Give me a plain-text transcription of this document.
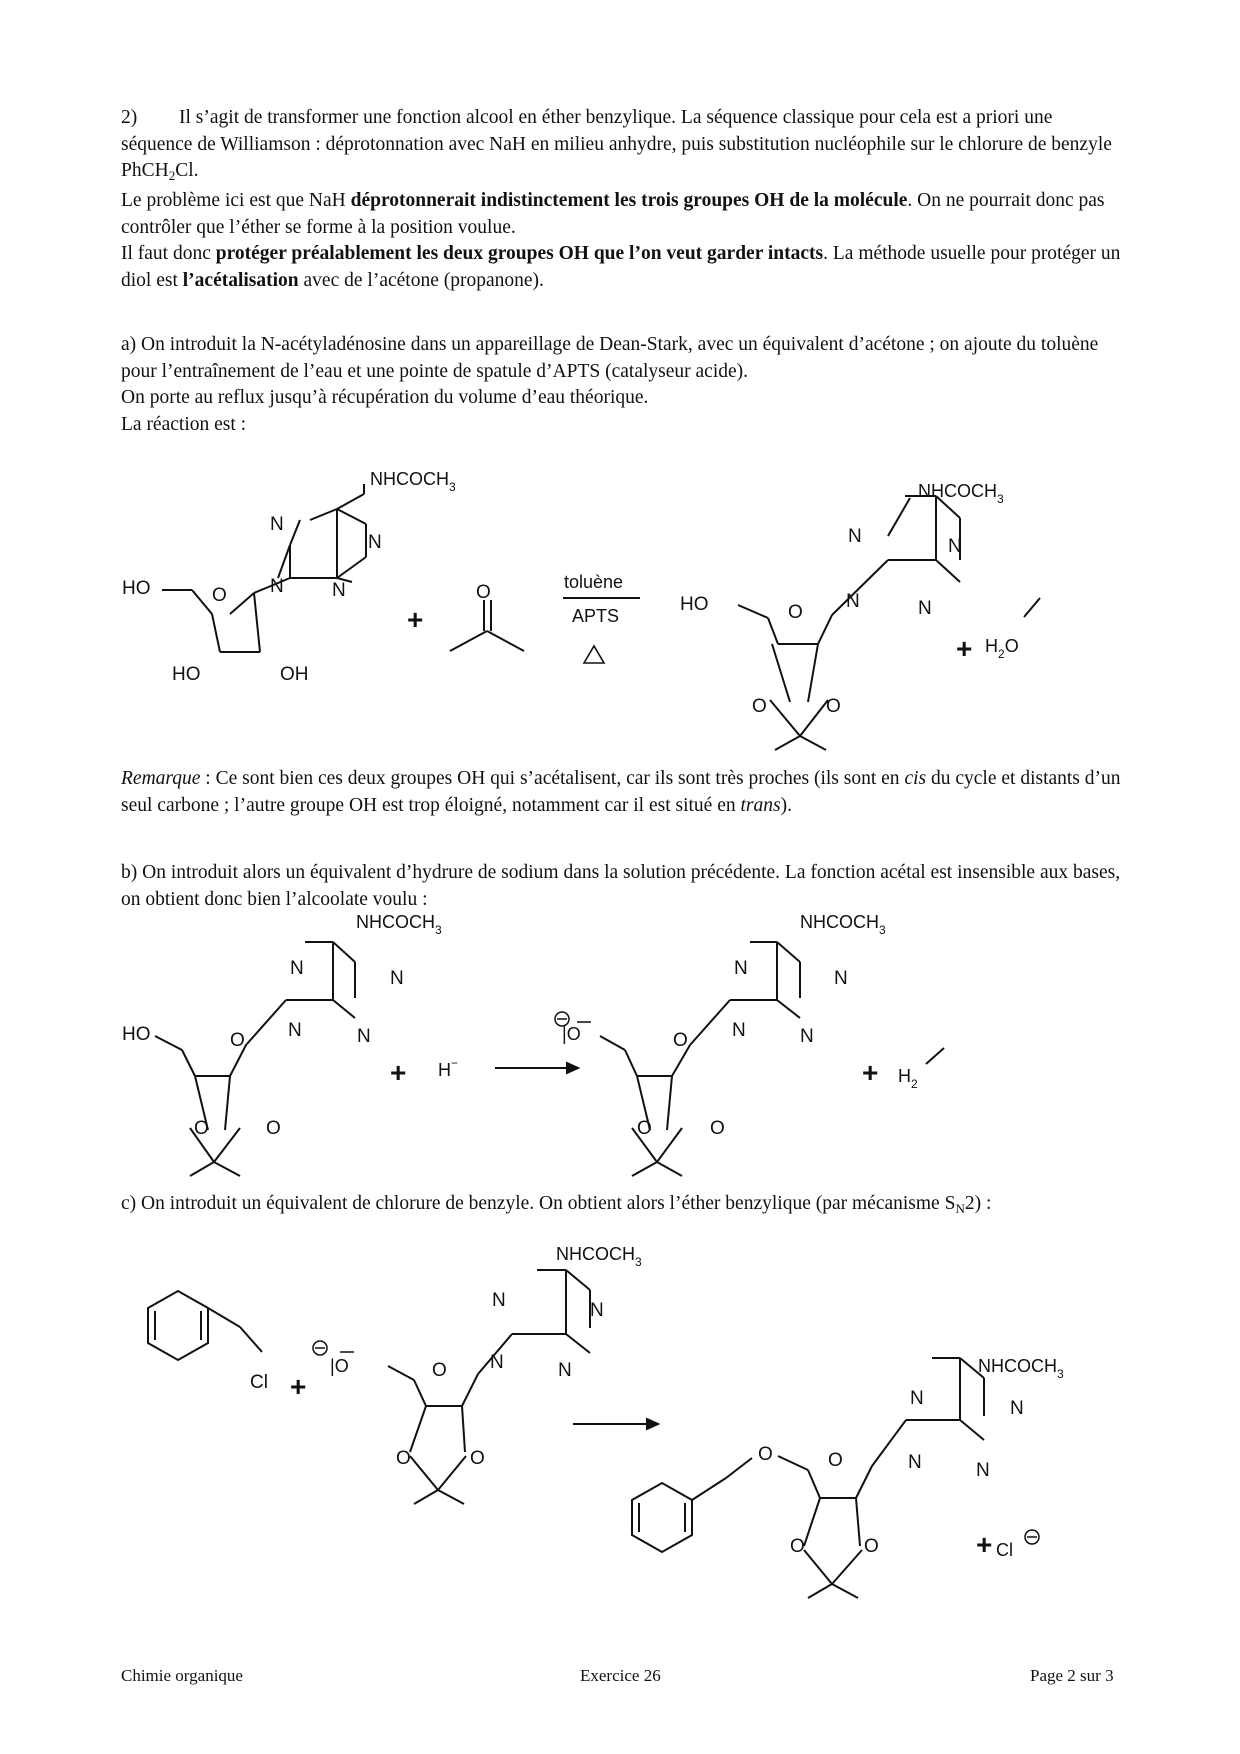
2) Il s’agit de transformer une fonction alcool en éther benzylique. La séquence classique pour cela est a priori une séquence de Williamson : déprotonnation avec NaH en milieu anhydre, puis substitution nucléophile sur le chlorure de benzyle PhCH$_2$Cl.

Le problème ici est que NaH déprotonnerait indistinctement les trois groupes OH de la molécule. On ne pourrait donc pas contrôler que l’éther se forme à la position voulue.
Il faut donc protéger préalablement les deux groupes OH que l’on veut garder intacts. La méthode usuelle pour protéger un diol est l’acétalisation avec de l’acétone (propanone).

a) On introduit la N-acétyladénosine dans un appareillage de Dean-Stark, avec un équivalent d’acétone ; on ajoute du toluène pour l’entraînement de l’eau et une pointe de spatule d’APTS (catalyseur acide).

On porte au reflux jusqu’à récupération du volume d’eau théorique.

La réaction est :

$NHCOCH_3$
N
N
N
N
O
HO
HO	OH
+
O	toluène
APTS
$NHCOCH_3$
N	N
N
N
O
HO
O	O
+ $H_2O$

Remarque : Ce sont bien ces deux groupes OH qui s’acétalisent, car ils sont très proches (ils sont en cis du cycle et distants d’un seul carbone ; l’autre groupe OH est trop éloigné, notamment car il est situé en trans).

b) On introduit alors un équivalent d’hydrure de sodium dans la solution précédente. La fonction acétal est insensible aux bases, on obtient donc bien l’alcoolate voulu :

$NHCOCH_3$
N	N
N
N
O
HO
O	O
+ H−
|O
$NHCOCH_3$
N	N
N
N
O
O	O
+ $H_2$

c) On introduit un équivalent de chlorure de benzyle. On obtient alors l’éther benzylique (par mécanisme $S_N2$) :

Cl +
|O
$NHCOCH_3$
N	N
N
N
O
O	O
$NHCOCH_3$
N	N
N
N
O	O
O	O	+ Cl
Chimie organique	Exercice 26	Page 2 sur 3
